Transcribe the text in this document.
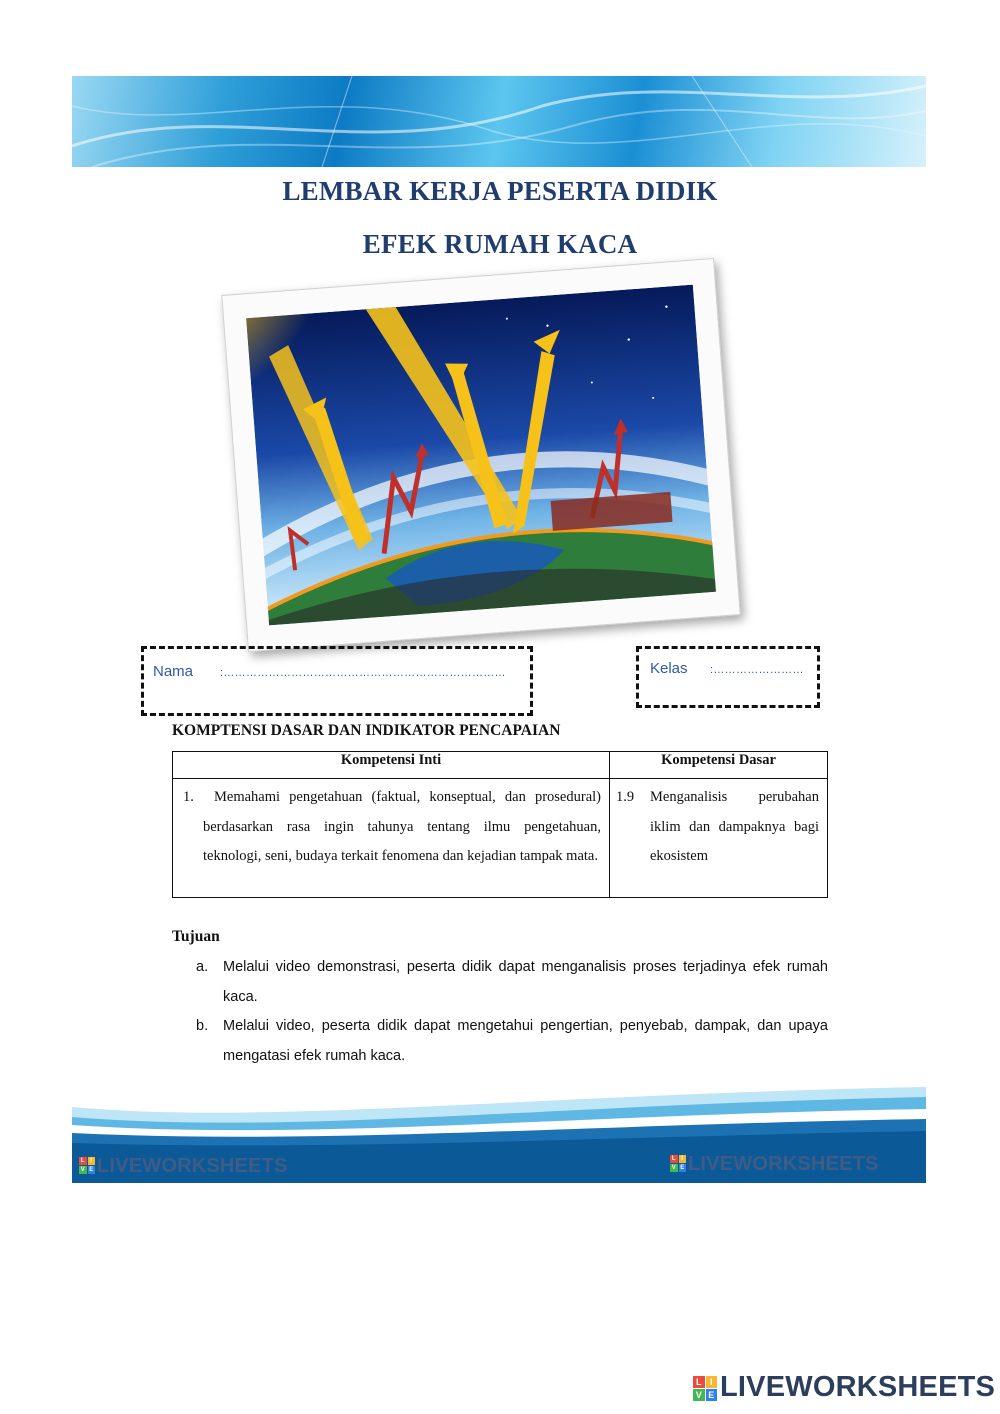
LEMBAR KERJA PESERTA DIDIK
EFEK RUMAH KACA
Nama :…………………………………………………………………	Kelas :……………………
KOMPTENSI DASAR DAN INDIKATOR PENCAPAIAN
Kompetensi Inti	Kompetensi Dasar

1. Memahami pengetahuan (faktual, konseptual, dan prosedural) berdasarkan rasa ingin tahunya tentang ilmu pengetahuan, teknologi, seni, budaya terkait fenomena dan kejadian tampak mata.	1.9 Menganalisis perubahan iklim dan dampaknya bagi ekosistem
Tujuan
a. Melalui video demonstrasi, peserta didik dapat menganalisis proses terjadinya efek rumah kaca.
b. Melalui video, peserta didik dapat mengetahui pengertian, penyebab, dampak, dan upaya mengatasi efek rumah kaca.
L I
V E LIVEWORKSHEETS	L I
V E LIVEWORKSHEETS
L I
V E LIVEWORKSHEETS
